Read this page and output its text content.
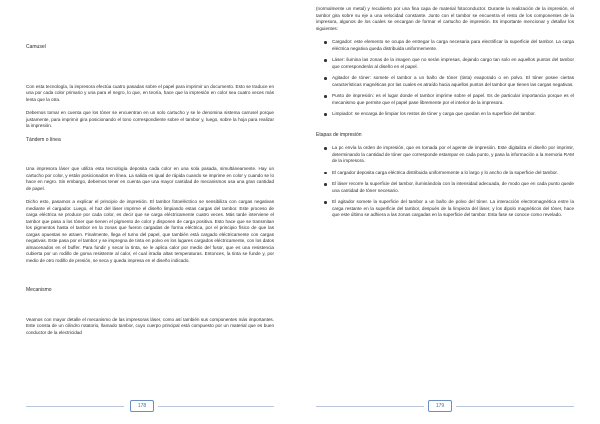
Camusel

Con esta tecnología, la impresora efectúa cuatro pasadas sobre el papel para imprimir un documento. Esto se traduce en una por cada color primario y una para el negro, lo que, en teoría, hace que la impresión en color sea cuatro veces más lenta que la otra.

Debemos tomar en cuenta que los tóner se encuentran en un solo cartucho y se le denomina sistema carrusel porque justamente, para imprimir gira posicionando el tono correspondiente sobre el tambor y, luego, sobre la hoja para realizar la impresión.

Tándem o línea

Una impresora láser que utiliza esta tecnología deposita cada color en una sola pasada, simultáneamente. Hay un cartucho por color, y están posicionados en línea. La salida es igual de rápida cuando se imprime en color y cuando se lo hace en negro. Sin embargo, debemos tener en cuenta que una mayor cantidad de mecanismos usa una gran cantidad de papel.

Dicho esto, pasamos a explicar el principio de impresión. El tambor fotoeléctrico se sensibiliza con cargas negativas mediante el cargador. Luego, el haz del láser imprime el diseño limpiando estas cargas del tambor. Este proceso de carga eléctrica se produce por cada color, es decir que se carga eléctricamente cuatro veces. Más tarde interviene el tambor que pasa a los tóner que tienen el pigmento de color y disponen de carga positiva. Esto hace que se transmitan los pigmentos hasta el tambor en la zonas que fueron cargadas de forma eléctrica, por el principio físico de que las cargas opuestas se atraen. Finalmente, llega el turno del papel, que también está cargado eléctricamente con cargas negativas. Este pasa por el tambor y se impregna de tinta en polvo en los lugares cargados eléctricamente, con los datos almacenados en el buffer. Para fundir y secar la tinta, se le aplica calor por medio del fusor, que es una resistencia cubierta por un rodillo de goma resistente al calor, el cual irradia altas temperaturas. Entonces, la tinta se funde y, por medio de otro rodillo de presión, se seca y queda impresa en el diseño indicado.

Mecanismo

Veamos con mayor detalle el mecanismo de las impresoras láser, como así también sus componentes más importantes. Este consta de un cilindro rotatorio, llamado tambor, cuyo cuerpo principal está compuesto por un material que es buen conductor de la electricidad

178

(normalmente un metal) y recubierto por una fina capa de material fotoconductor. Durante la realización de la impresión, el tambor gira sobre su eje a una velocidad constante. Junto con el tambor se encuentra el resto de los componentes de la impresora, algunos de los cuales se encargan de formar el cartucho de impresión. Es importante mencionar y detallar los siguientes:

Cargador: este elemento se ocupa de entregar la carga necesaria para electrificar la superficie del tambor. La carga eléctrica negativa queda distribuida uniformemente.
Láser: ilumina las zonas de la imagen que no serán impresas, dejando cargo tan solo en aquellos puntos del tambor que corresponderán al diseño en el papel.
Agitador de tóner: somete el tambor a un baño de tóner (tinta) evaporado o en polvo. El tóner posee ciertas características magnéticas por las cuales es atraído hacia aquellos puntos del tambor que tienen las cargas negativas.
Punto de impresión: es el lugar donde el tambor imprime sobre el papel. Es de particular importancia porque es el mecanismo que permite que el papel pase libremente por el interior de la impresora.
Limpiador: se encarga de limpiar los restos de tóner y carga que quedan en la superficie del tambor.

Etapas de impresión

La pc envía la orden de impresión, que es tomada por el agente de impresión. Este digitaliza el diseño por imprimir, determinando la cantidad de tóner que corresponde estampar en cada punto, y pasa la información a la memoria RAM de la impresora.
El cargador deposita carga eléctrica distribuida uniformemente a lo largo y lo ancho de la superficie del tambor.
El láser recorre la superficie del tambor, iluminándola con la intensidad adecuada, de modo que en cada punto quede una cantidad de tóner necesario.
El agitador somete la superficie del tambor a un baño de polvo del tóner. La interacción electromagnética entre la carga restante en la superficie del tambor, después de la limpieza del láser, y los dipolo magnéticos del tóner, hace que este último se adhiera a las zonas cargadas en la superficie del tambor. Esta fase se conoce como revelado.
179
